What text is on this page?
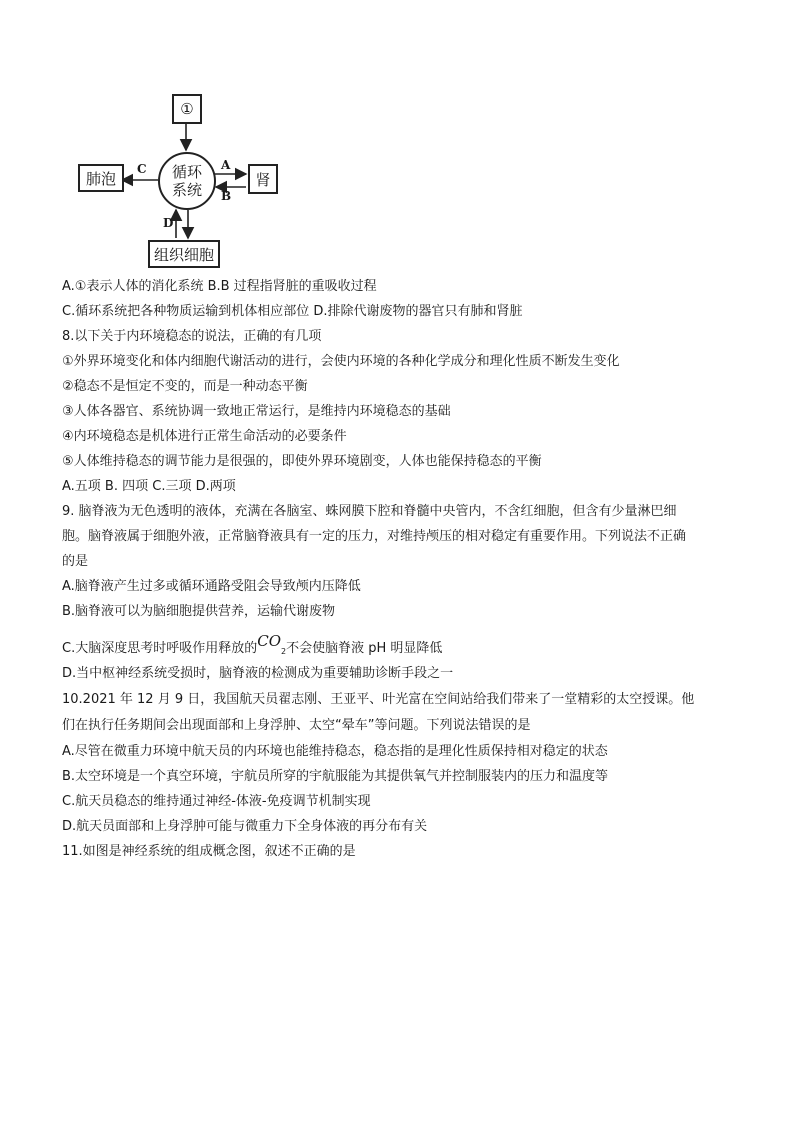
①
肺泡	肾
组织细胞
循环
系统
C	A
B
D
A.①表示人体的消化系统 B.B 过程指肾脏的重吸收过程
C.循环系统把各种物质运输到机体相应部位 D.排除代谢废物的器官只有肺和肾脏
8.以下关于内环境稳态的说法，正确的有几项
①外界环境变化和体内细胞代谢活动的进行，会使内环境的各种化学成分和理化性质不断发生变化
②稳态不是恒定不变的，而是一种动态平衡
③人体各器官、系统协调一致地正常运行，是维持内环境稳态的基础
④内环境稳态是机体进行正常生命活动的必要条件
⑤人体维持稳态的调节能力是很强的，即使外界环境剧变，人体也能保持稳态的平衡
A.五项 B. 四项 C.三项 D.两项
9. 脑脊液为无色透明的液体，充满在各脑室、蛛网膜下腔和脊髓中央管内，不含红细胞，但含有少量淋巴细
胞。脑脊液属于细胞外液，正常脑脊液具有一定的压力，对维持颅压的相对稳定有重要作用。下列说法不正确
的是
A.脑脊液产生过多或循环通路受阻会导致颅内压降低
B.脑脊液可以为脑细胞提供营养，运输代谢废物
C.大脑深度思考时呼吸作用释放的CO2不会使脑脊液 pH 明显降低
D.当中枢神经系统受损时，脑脊液的检测成为重要辅助诊断手段之一
10.2021 年 12 月 9 日，我国航天员翟志刚、王亚平、叶光富在空间站给我们带来了一堂精彩的太空授课。他
们在执行任务期间会出现面部和上身浮肿、太空“晕车”等问题。下列说法错误的是
A.尽管在微重力环境中航天员的内环境也能维持稳态，稳态指的是理化性质保持相对稳定的状态
B.太空环境是一个真空环境，宇航员所穿的宇航服能为其提供氧气并控制服装内的压力和温度等
C.航天员稳态的维持通过神经-体液-免疫调节机制实现
D.航天员面部和上身浮肿可能与微重力下全身体液的再分布有关
11.如图是神经系统的组成概念图，叙述不正确的是
